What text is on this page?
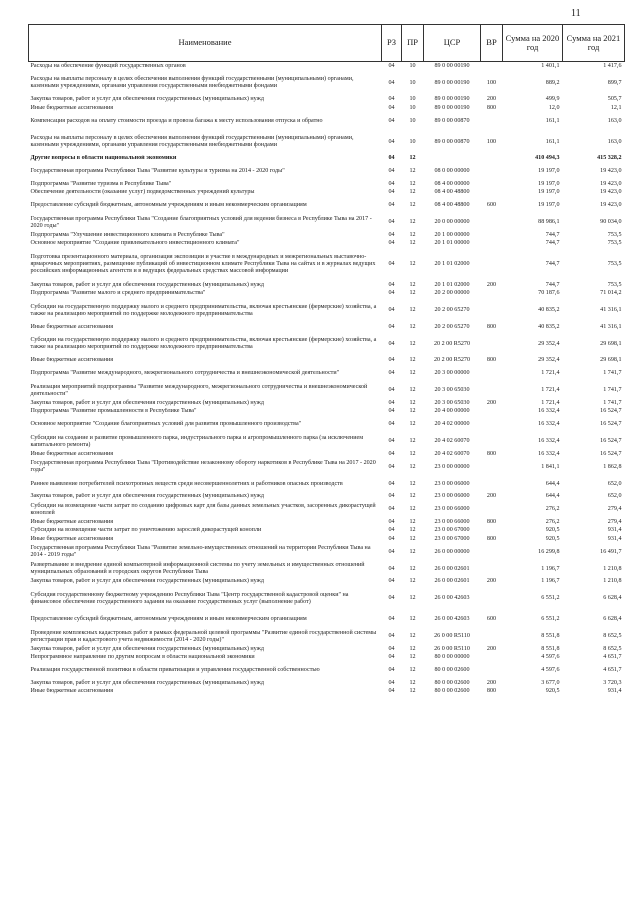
11
Наименование	РЗ	ПР	ЦСР	ВР	Сумма на 2020 год	Сумма на 2021 год
Расходы на обеспечение функций государственных органов	04	10	89 0 00 00190		1 401,1	1 417,6
Расходы на выплаты персоналу в целях обеспечения выполнения функций государственными (муниципальными) органами, казенными учреждениями, органами управления государственными внебюджетными фондами	04	10	89 0 00 00190	100	889,2	899,7
Закупка товаров, работ и услуг для обеспечения государственных (муниципальных) нужд	04	10	89 0 00 00190	200	499,9	505,7
Иные бюджетные ассигнования	04	10	89 0 00 00190	800	12,0	12,1
Компенсация расходов на оплату стоимости проезда и провоза багажа к месту использования отпуска и обратно	04	10	89 0 00 00870		161,1	163,0
Расходы на выплаты персоналу в целях обеспечения выполнения функций государственными (муниципальными) органами, казенными учреждениями, органами управления государственными внебюджетными фондами	04	10	89 0 00 00870	100	161,1	163,0
Другие вопросы в области национальной экономики	04	12			410 494,3	415 328,2
Государственная программа Республики Тыва "Развитие культуры и туризма на 2014 - 2020 годы"	04	12	08 0 00 00000		19 197,0	19 423,0
Подпрограмма "Развитие туризма в Республике Тыва"	04	12	08 4 00 00000		19 197,0	19 423,0
Обеспечение деятельности (оказание услуг) подведомственных учреждений культуры	04	12	08 4 00 48800		19 197,0	19 423,0
Предоставление субсидий бюджетным, автономным учреждениям и иным некоммерческим организациям	04	12	08 4 00 48800	600	19 197,0	19 423,0
Государственная программа Республики Тыва "Создание благоприятных условий для ведения бизнеса в Республике Тыва на 2017 - 2020 годы"	04	12	20 0 00 00000		88 986,1	90 034,0
Подпрограмма "Улучшение инвестиционного климата в Республике Тыва"	04	12	20 1 00 00000		744,7	753,5
Основное мероприятие "Создание привлекательного инвестиционного климата"	04	12	20 1 01 00000		744,7	753,5
Подготовка презентационного материала, организация экспозиции и участие в международных и межрегиональных выставочно-ярмарочных мероприятиях, размещение публикаций об инвестиционном климате Республики Тыва на сайтах и в журналах ведущих российских информационных агентств и в ведущих федеральных средствах массовой информации	04	12	20 1 01 02000		744,7	753,5
Закупка товаров, работ и услуг для обеспечения государственных (муниципальных) нужд	04	12	20 1 01 02000	200	744,7	753,5
Подпрограмма "Развитие малого и среднего предпринимательства"	04	12	20 2 00 00000		70 187,6	71 014,2
Субсидии на государственную поддержку малого и среднего предпринимательства, включая крестьянские (фермерские) хозяйства, а также на реализацию мероприятий по поддержке молодежного предпринимательства	04	12	20 2 00 65270		40 835,2	41 316,1
Иные бюджетные ассигнования	04	12	20 2 00 65270	800	40 835,2	41 316,1
Субсидии на государственную поддержку малого и среднего предпринимательства, включая крестьянские (фермерские) хозяйства, а также на реализацию мероприятий по поддержке молодежного предпринимательства	04	12	20 2 00 R5270		29 352,4	29 698,1
Иные бюджетные ассигнования	04	12	20 2 00 R5270	800	29 352,4	29 698,1
Подпрограмма "Развитие международного, межрегионального сотрудничества и внешнеэкономической деятельности"	04	12	20 3 00 00000		1 721,4	1 741,7
Реализация мероприятий подпрограммы "Развитие международного, межрегионального сотрудничества и внешнеэкономической деятельности"	04	12	20 3 00 65030		1 721,4	1 741,7
Закупка товаров, работ и услуг для обеспечения государственных (муниципальных) нужд	04	12	20 3 00 65030	200	1 721,4	1 741,7
Подпрограмма "Развитие промышленности в Республике Тыва"	04	12	20 4 00 00000		16 332,4	16 524,7
Основное мероприятие "Создание благоприятных условий для развития промышленного производства"	04	12	20 4 02 00000		16 332,4	16 524,7
Субсидии на создание и развитие промышленного парка, индустриального парка и агропромышленного парка (за исключением капитального ремонта)	04	12	20 4 02 60070		16 332,4	16 524,7
Иные бюджетные ассигнования	04	12	20 4 02 60070	800	16 332,4	16 524,7
Государственная программа Республики Тыва "Противодействие незаконному обороту наркотиков в Республике Тыва на 2017 - 2020 годы"	04	12	23 0 00 00000		1 841,1	1 862,8
Раннее выявление потребителей психотропных веществ среди несовершеннолетних и работников опасных производств	04	12	23 0 00 06000		644,4	652,0
Закупка товаров, работ и услуг для обеспечения государственных (муниципальных) нужд	04	12	23 0 00 06000	200	644,4	652,0
Субсидии на возмещение части затрат по созданию цифровых карт для базы данных земельных участков, засоренных дикорастущей коноплей	04	12	23 0 00 66000		276,2	279,4
Иные бюджетные ассигнования	04	12	23 0 00 66000	800	276,2	279,4
Субсидии на возмещение части затрат по уничтожению зарослей дикорастущей конопли	04	12	23 0 00 67000		920,5	931,4
Иные бюджетные ассигнования	04	12	23 0 00 67000	800	920,5	931,4
Государственная программа Республики Тыва "Развитие земельно-имущественных отношений на территории Республики Тыва на 2014 - 2019 годы"	04	12	26 0 00 00000		16 299,8	16 491,7
Развертывание и внедрение единой компьютерной информационной системы по учету земельных и имущественных отношений муниципальных образований и городских округов Республики Тыва	04	12	26 0 00 02601		1 196,7	1 210,8
Закупка товаров, работ и услуг для обеспечения государственных (муниципальных) нужд	04	12	26 0 00 02601	200	1 196,7	1 210,8
Субсидия государственному бюджетному учреждению Республики Тыва "Центр государственной кадастровой оценки" на финансовое обеспечение государственного задания на оказание государственных услуг (выполнение работ)	04	12	26 0 00 42603		6 551,2	6 628,4
Предоставление субсидий бюджетным, автономным учреждениям и иным некоммерческим организациям	04	12	26 0 00 42603	600	6 551,2	6 628,4
Проведение комплексных кадастровых работ в рамках федеральной целевой программы "Развитие единой государственной системы регистрации прав и кадастрового учета недвижимости (2014 - 2020 годы)"	04	12	26 0 00 R5110		8 551,8	8 652,5
Закупка товаров, работ и услуг для обеспечения государственных (муниципальных) нужд	04	12	26 0 00 R5110	200	8 551,8	8 652,5
Непрограммное направление по другим вопросам в области национальной экономики	04	12	80 0 00 00000		4 597,6	4 651,7
Реализация государственной политики в области приватизации и управления государственной собственностью	04	12	80 0 00 02600		4 597,6	4 651,7
Закупка товаров, работ и услуг для обеспечения государственных (муниципальных) нужд	04	12	80 0 00 02600	200	3 677,0	3 720,3
Иные бюджетные ассигнования	04	12	80 0 00 02600	800	920,5	931,4
